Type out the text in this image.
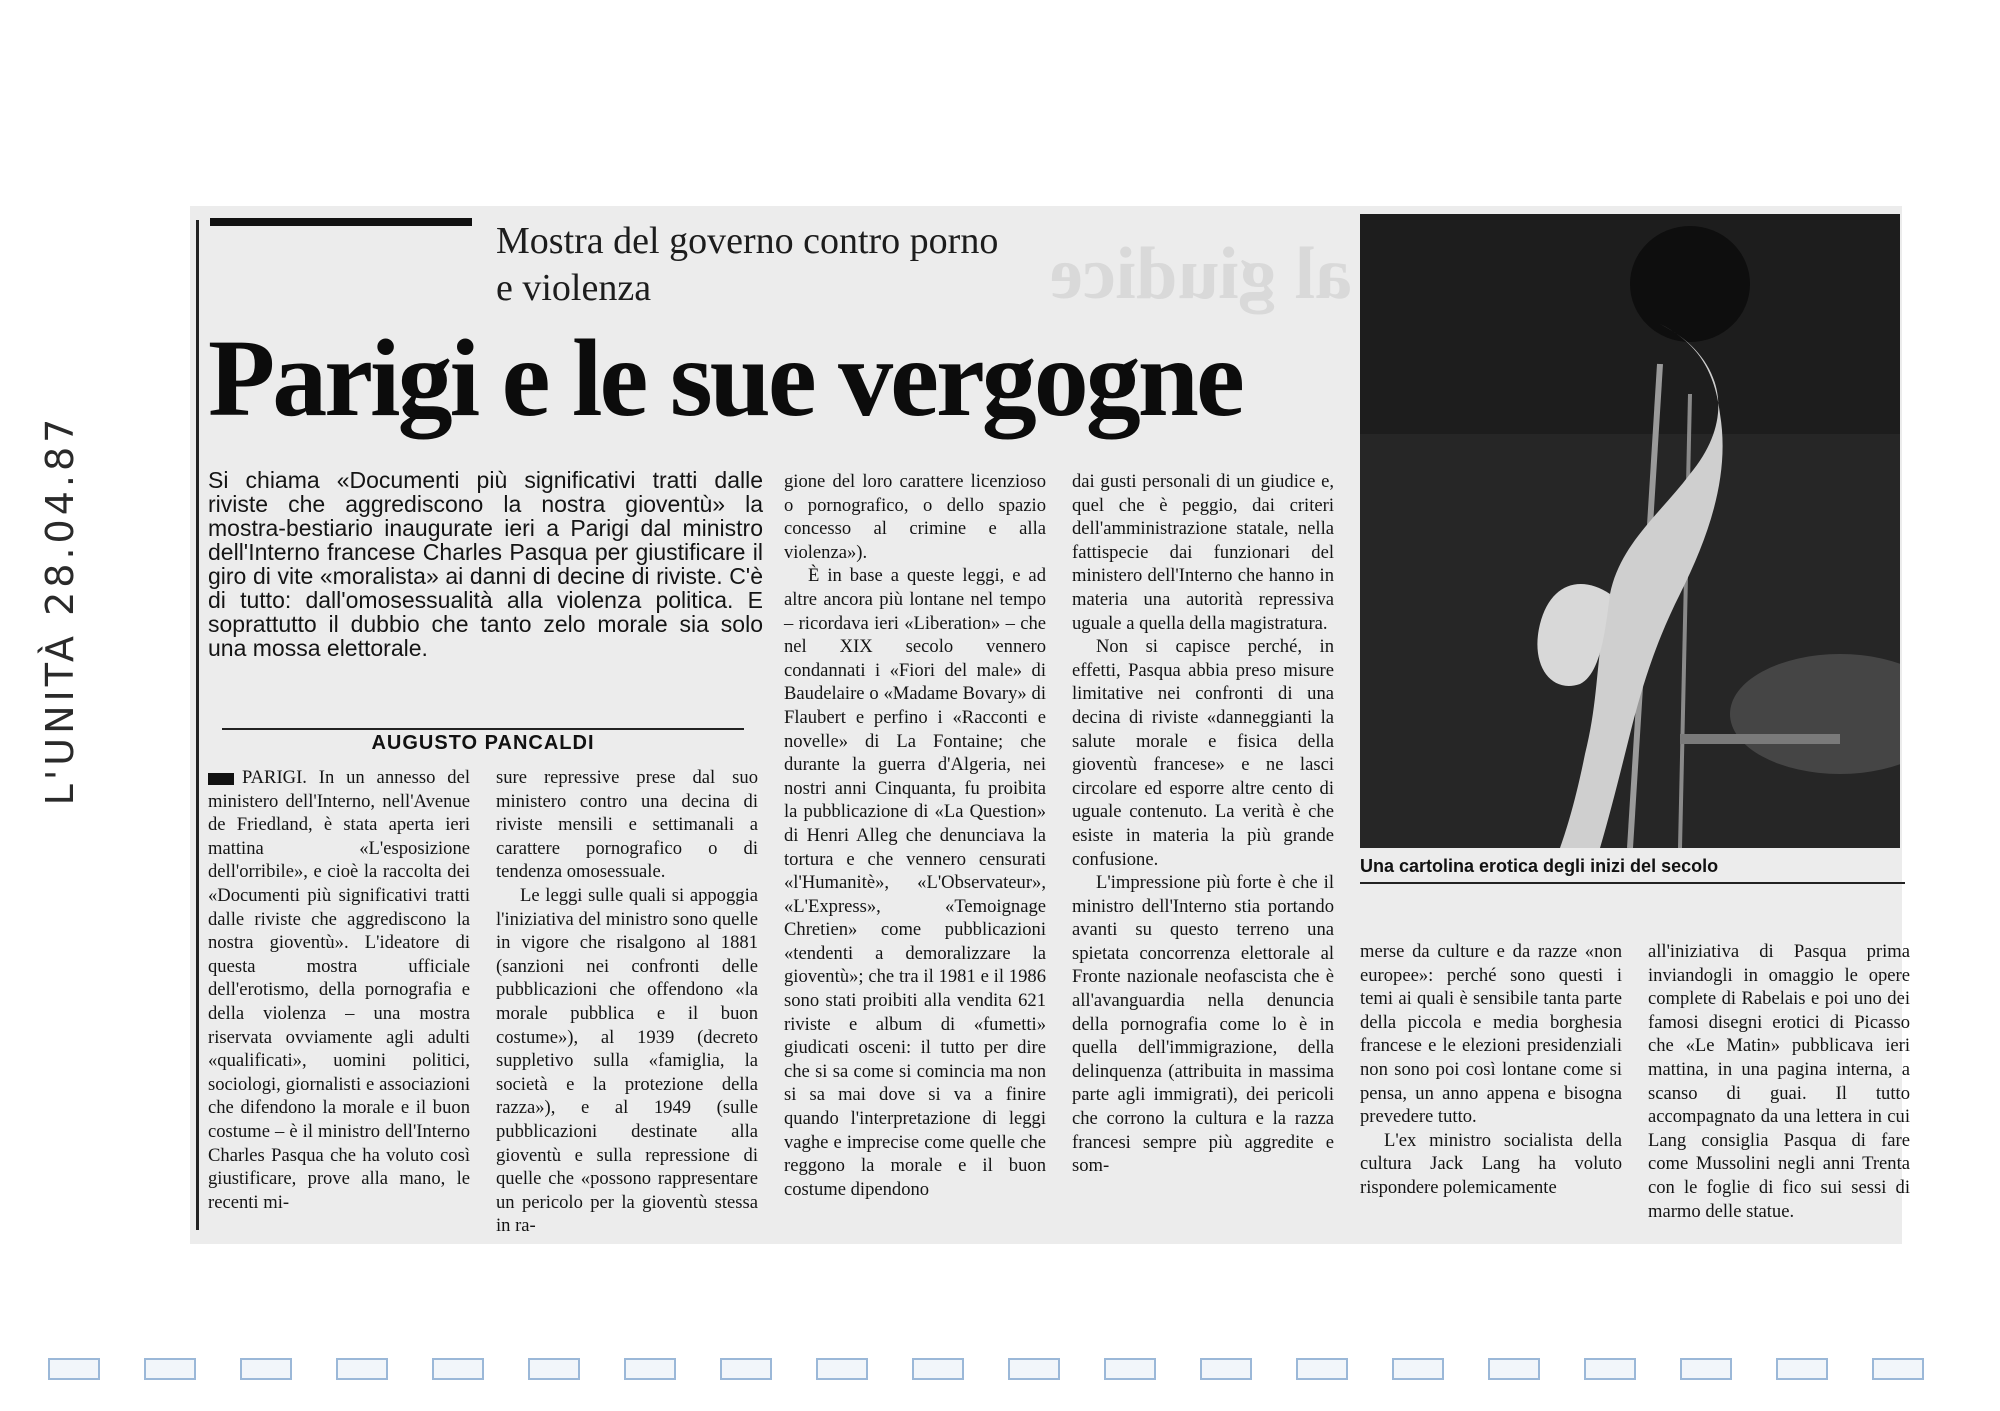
L'UNITÀ 28.04.87
al giudice
Mostra del governo contro porno e violenza
Parigi e le sue vergogne
Si chiama «Documenti più significativi tratti dalle riviste che aggrediscono la nostra gioventù» la mostra-bestiario inaugurate ieri a Parigi dal ministro dell'Interno francese Charles Pasqua per giustificare il giro di vite «moralista» ai danni di decine di riviste. C'è di tutto: dall'omosessualità alla violenza politica. E soprattutto il dubbio che tanto zelo morale sia solo una mossa elettorale.
AUGUSTO PANCALDI

PARIGI. In un annesso del ministero dell'Interno, nell'Avenue de Friedland, è stata aperta ieri mattina «L'esposizione dell'orribile», e cioè la raccolta dei «Documenti più significativi tratti dalle riviste che aggrediscono la nostra gioventù». L'ideatore di questa mostra ufficiale dell'erotismo, della pornografia e della violenza – una mostra riservata ovviamente agli adulti «qualificati», uomini politici, sociologi, giornalisti e associazioni che difendono la morale e il buon costume – è il ministro dell'Interno Charles Pasqua che ha voluto così giustificare, prove alla mano, le recenti mi-

sure repressive prese dal suo ministero contro una decina di riviste mensili e settimanali a carattere pornografico o di tendenza omosessuale.

Le leggi sulle quali si appoggia l'iniziativa del ministro sono quelle in vigore che risalgono al 1881 (sanzioni nei confronti delle pubblicazioni che offendono «la morale pubblica e il buon costume»), al 1939 (decreto suppletivo sulla «famiglia, la società e la protezione della razza»), e al 1949 (sulle pubblicazioni destinate alla gioventù e sulla repressione di quelle che «possono rappresentare un pericolo per la gioventù stessa in ra-

gione del loro carattere licenzioso o pornografico, o dello spazio concesso al crimine e alla violenza»).

È in base a queste leggi, e ad altre ancora più lontane nel tempo – ricordava ieri «Liberation» – che nel XIX secolo vennero condannati i «Fiori del male» di Baudelaire o «Madame Bovary» di Flaubert e perfino i «Racconti e novelle» di La Fontaine; che durante la guerra d'Algeria, nei nostri anni Cinquanta, fu proibita la pubblicazione di «La Question» di Henri Alleg che denunciava la tortura e che vennero censurati «l'Humanitè», «L'Observateur», «L'Express», «Temoignage Chretien» come pubblicazioni «tendenti a demoralizzare la gioventù»; che tra il 1981 e il 1986 sono stati proibiti alla vendita 621 riviste e album di «fumetti» giudicati osceni: il tutto per dire che si sa come si comincia ma non si sa mai dove si va a finire quando l'interpretazione di leggi vaghe e imprecise come quelle che reggono la morale e il buon costume dipendono

dai gusti personali di un giudice e, quel che è peggio, dai criteri dell'amministrazione statale, nella fattispecie dai funzionari del ministero dell'Interno che hanno in materia una autorità repressiva uguale a quella della magistratura.

Non si capisce perché, in effetti, Pasqua abbia preso misure limitative nei confronti di una decina di riviste «danneggianti la salute morale e fisica della gioventù francese» e ne lasci circolare ed esporre altre cento di uguale contenuto. La verità è che esiste in materia la più grande confusione.

L'impressione più forte è che il ministro dell'Interno stia portando avanti su questo terreno una spietata concorrenza elettorale al Fronte nazionale neofascista che è all'avanguardia nella denuncia della pornografia come lo è in quella dell'immigrazione, della delinquenza (attribuita in massima parte agli immigrati), dei pericoli che corrono la cultura e la razza francesi sempre più aggredite e som-

merse da culture e da razze «non europee»: perché sono questi i temi ai quali è sensibile tanta parte della piccola e media borghesia francese e le elezioni presidenziali non sono poi così lontane come si pensa, un anno appena e bisogna prevedere tutto.

L'ex ministro socialista della cultura Jack Lang ha voluto rispondere polemicamente

all'iniziativa di Pasqua prima inviandogli in omaggio le opere complete di Rabelais e poi uno dei famosi disegni erotici di Picasso che «Le Matin» pubblicava ieri mattina, in una pagina interna, a scanso di guai. Il tutto accompagnato da una lettera in cui Lang consiglia Pasqua di fare come Mussolini negli anni Trenta con le foglie di fico sui sessi di marmo delle statue.

Una cartolina erotica degli inizi del secolo
